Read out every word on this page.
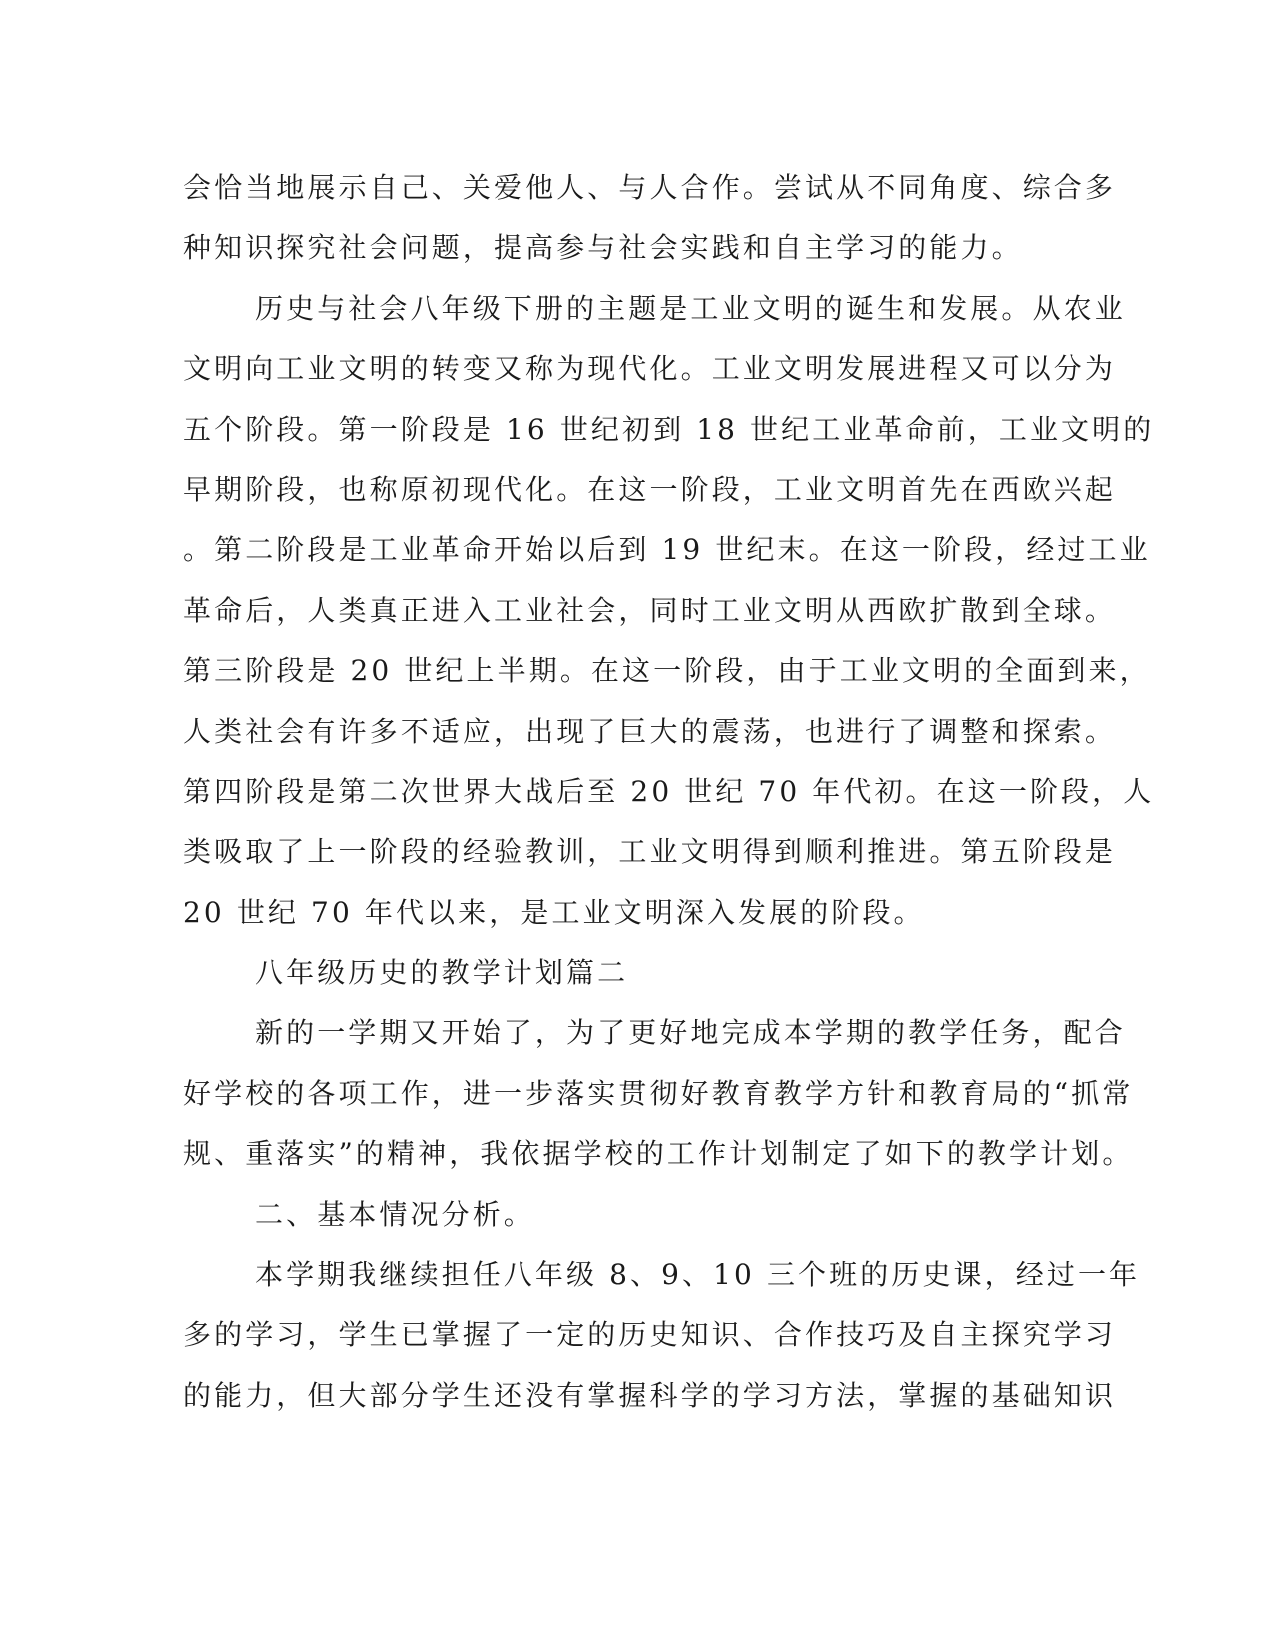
会恰当地展示自己、关爱他人、与人合作。尝试从不同角度、综合多
种知识探究社会问题，提高参与社会实践和自主学习的能力。
历史与社会八年级下册的主题是工业文明的诞生和发展。从农业
文明向工业文明的转变又称为现代化。工业文明发展进程又可以分为
五个阶段。第一阶段是 16 世纪初到 18 世纪工业革命前，工业文明的
早期阶段，也称原初现代化。在这一阶段，工业文明首先在西欧兴起
。第二阶段是工业革命开始以后到 19 世纪末。在这一阶段，经过工业
革命后，人类真正进入工业社会，同时工业文明从西欧扩散到全球。
第三阶段是 20 世纪上半期。在这一阶段，由于工业文明的全面到来，
人类社会有许多不适应，出现了巨大的震荡，也进行了调整和探索。
第四阶段是第二次世界大战后至 20 世纪 70 年代初。在这一阶段，人
类吸取了上一阶段的经验教训，工业文明得到顺利推进。第五阶段是
20 世纪 70 年代以来，是工业文明深入发展的阶段。
八年级历史的教学计划篇二
新的一学期又开始了，为了更好地完成本学期的教学任务，配合
好学校的各项工作，进一步落实贯彻好教育教学方针和教育局的“抓常
规、重落实”的精神，我依据学校的工作计划制定了如下的教学计划。
二、基本情况分析。
本学期我继续担任八年级 8、9、10 三个班的历史课，经过一年
多的学习，学生已掌握了一定的历史知识、合作技巧及自主探究学习
的能力，但大部分学生还没有掌握科学的学习方法，掌握的基础知识
